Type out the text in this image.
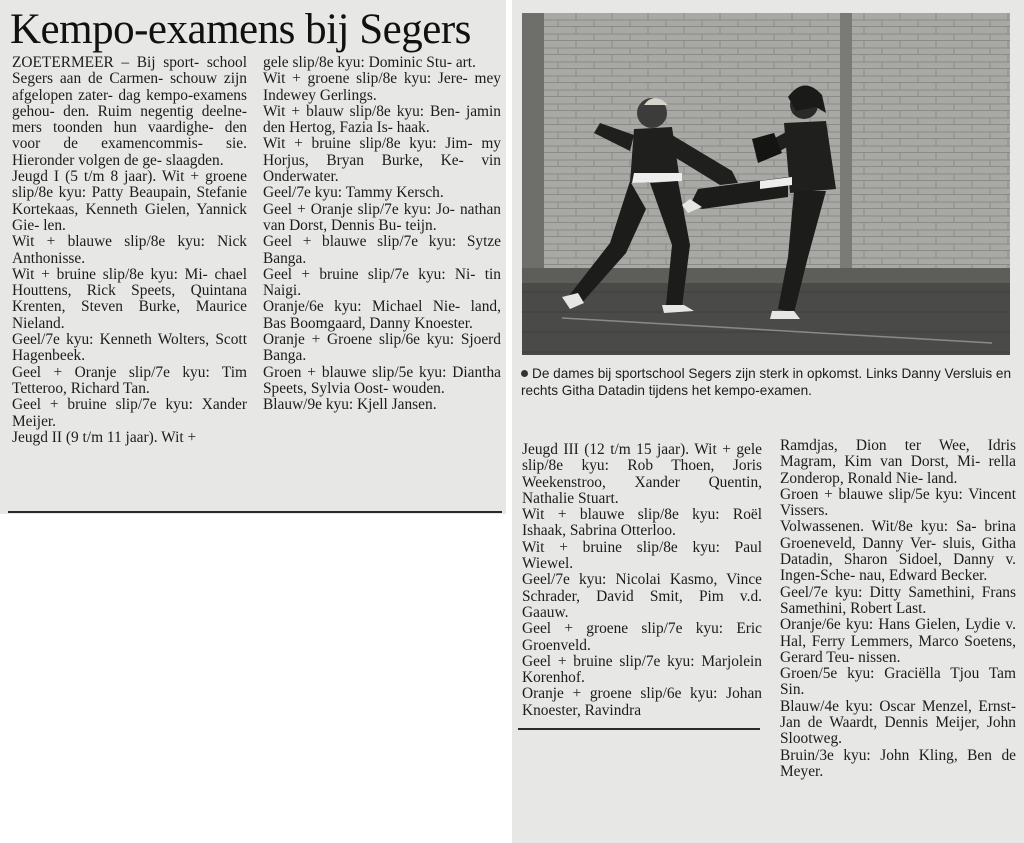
Kempo-examens bij Segers

ZOETERMEER – Bij sport- school Segers aan de Carmen- schouw zijn afgelopen zater- dag kempo-examens gehou- den. Ruim negentig deelne- mers toonden hun vaardighe- den voor de examencommis- sie. Hieronder volgen de ge- slaagden.

Jeugd I (5 t/m 8 jaar). Wit + groene slip/8e kyu: Patty Beaupain, Stefanie Kortekaas, Kenneth Gielen, Yannick Gie- len.

Wit + blauwe slip/8e kyu: Nick Anthonisse.

Wit + bruine slip/8e kyu: Mi- chael Houttens, Rick Speets, Quintana Krenten, Steven Burke, Maurice Nieland.

Geel/7e kyu: Kenneth Wolters, Scott Hagenbeek.

Geel + Oranje slip/7e kyu: Tim Tetteroo, Richard Tan.

Geel + bruine slip/7e kyu: Xander Meijer.

Jeugd II (9 t/m 11 jaar). Wit +

gele slip/8e kyu: Dominic Stu- art.

Wit + groene slip/8e kyu: Jere- mey Indewey Gerlings.

Wit + blauw slip/8e kyu: Ben- jamin den Hertog, Fazia Is- haak.

Wit + bruine slip/8e kyu: Jim- my Horjus, Bryan Burke, Ke- vin Onderwater.

Geel/7e kyu: Tammy Kersch.

Geel + Oranje slip/7e kyu: Jo- nathan van Dorst, Dennis Bu- teijn.

Geel + blauwe slip/7e kyu: Sytze Banga.

Geel + bruine slip/7e kyu: Ni- tin Naigi.

Oranje/6e kyu: Michael Nie- land, Bas Boomgaard, Danny Knoester.

Oranje + Groene slip/6e kyu: Sjoerd Banga.

Groen + blauwe slip/5e kyu: Diantha Speets, Sylvia Oost- wouden.

Blauw/9e kyu: Kjell Jansen.

De dames bij sportschool Segers zijn sterk in opkomst. Links Danny Versluis en rechts Githa Datadin tijdens het kempo-examen.

Jeugd III (12 t/m 15 jaar). Wit + gele slip/8e kyu: Rob Thoen, Joris Weekenstroo, Xander Quentin, Nathalie Stuart.

Wit + blauwe slip/8e kyu: Roël Ishaak, Sabrina Otterloo.

Wit + bruine slip/8e kyu: Paul Wiewel.

Geel/7e kyu: Nicolai Kasmo, Vince Schrader, David Smit, Pim v.d. Gaauw.

Geel + groene slip/7e kyu: Eric Groenveld.

Geel + bruine slip/7e kyu: Marjolein Korenhof.

Oranje + groene slip/6e kyu: Johan Knoester, Ravindra

Ramdjas, Dion ter Wee, Idris Magram, Kim van Dorst, Mi- rella Zonderop, Ronald Nie- land.

Groen + blauwe slip/5e kyu: Vincent Vissers.

Volwassenen. Wit/8e kyu: Sa- brina Groeneveld, Danny Ver- sluis, Githa Datadin, Sharon Sidoel, Danny v. Ingen-Sche- nau, Edward Becker.

Geel/7e kyu: Ditty Samethini, Frans Samethini, Robert Last.

Oranje/6e kyu: Hans Gielen, Lydie v. Hal, Ferry Lemmers, Marco Soetens, Gerard Teu- nissen.

Groen/5e kyu: Graciëlla Tjou Tam Sin.

Blauw/4e kyu: Oscar Menzel, Ernst-Jan de Waardt, Dennis Meijer, John Slootweg.

Bruin/3e kyu: John Kling, Ben de Meyer.
